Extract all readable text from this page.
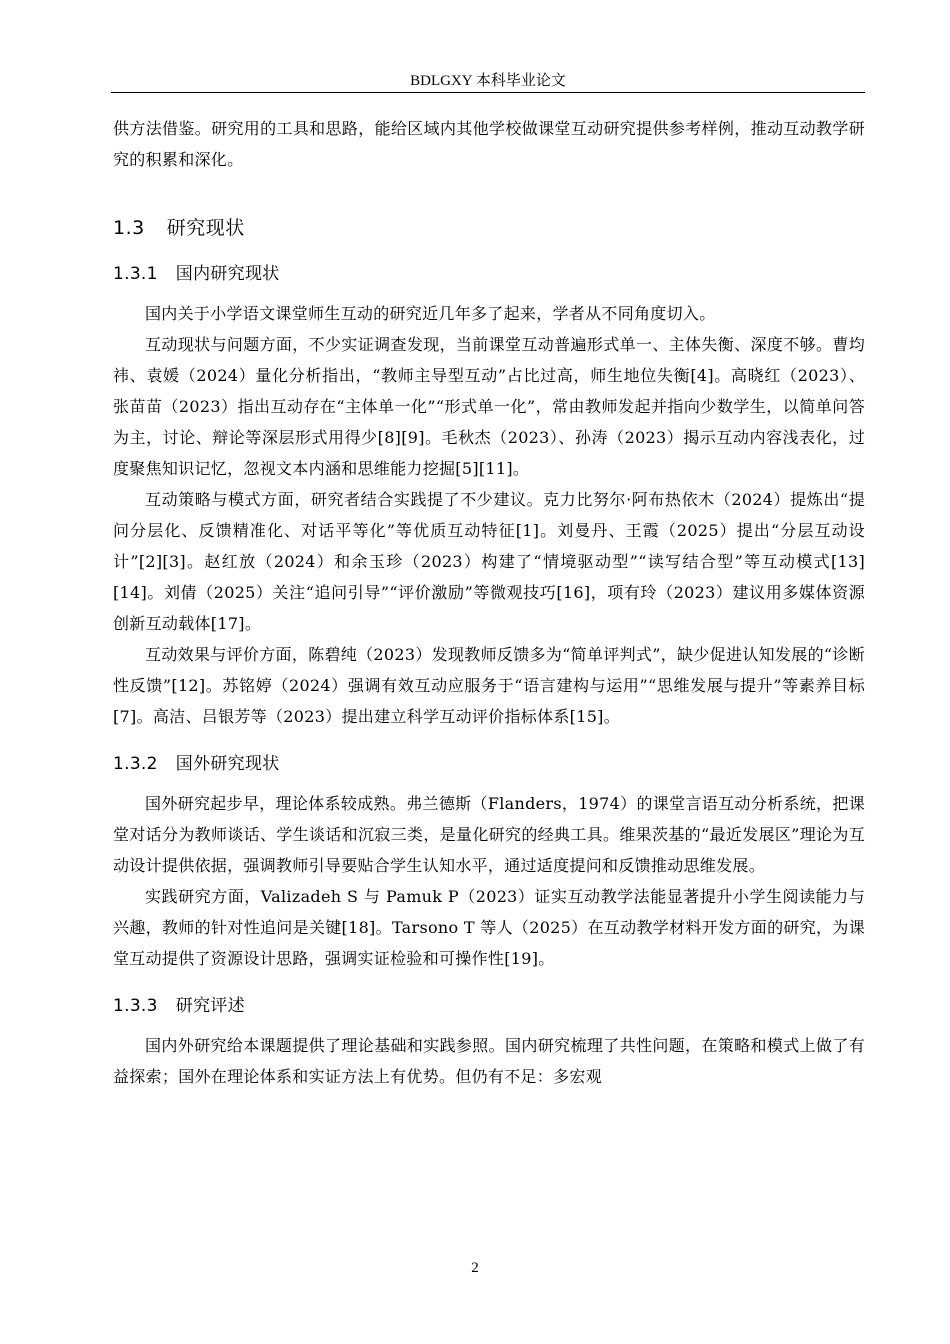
BDLGXY 本科毕业论文

供方法借鉴。研究用的工具和思路，能给区域内其他学校做课堂互动研究提供参考样例，推动互动教学研究的积累和深化。

1.3 研究现状
1.3.1 国内研究现状

国内关于小学语文课堂师生互动的研究近几年多了起来，学者从不同角度切入。

互动现状与问题方面，不少实证调查发现，当前课堂互动普遍形式单一、主体失衡、深度不够。曹均祎、袁媛（2024）量化分析指出，“教师主导型互动”占比过高，师生地位失衡[4]。高晓红（2023）、张苗苗（2023）指出互动存在“主体单一化”“形式单一化”，常由教师发起并指向少数学生，以简单问答为主，讨论、辩论等深层形式用得少[8][9]。毛秋杰（2023）、孙涛（2023）揭示互动内容浅表化，过度聚焦知识记忆，忽视文本内涵和思维能力挖掘[5][11]。

互动策略与模式方面，研究者结合实践提了不少建议。克力比努尔·阿布热依木（2024）提炼出“提问分层化、反馈精准化、对话平等化”等优质互动特征[1]。刘曼丹、王霞（2025）提出“分层互动设计”[2][3]。赵红放（2024）和余玉珍（2023）构建了“情境驱动型”“读写结合型”等互动模式[13][14]。刘倩（2025）关注“追问引导”“评价激励”等微观技巧[16]，项有玲（2023）建议用多媒体资源创新互动载体[17]。

互动效果与评价方面，陈碧纯（2023）发现教师反馈多为“简单评判式”，缺少促进认知发展的“诊断性反馈”[12]。苏铭婷（2024）强调有效互动应服务于“语言建构与运用”“思维发展与提升”等素养目标[7]。高洁、吕银芳等（2023）提出建立科学互动评价指标体系[15]。

1.3.2 国外研究现状

国外研究起步早，理论体系较成熟。弗兰德斯（Flanders，1974）的课堂言语互动分析系统，把课堂对话分为教师谈话、学生谈话和沉寂三类，是量化研究的经典工具。维果茨基的“最近发展区”理论为互动设计提供依据，强调教师引导要贴合学生认知水平，通过适度提问和反馈推动思维发展。

实践研究方面，Valizadeh S 与 Pamuk P（2023）证实互动教学法能显著提升小学生阅读能力与兴趣，教师的针对性追问是关键[18]。Tarsono T 等人（2025）在互动教学材料开发方面的研究，为课堂互动提供了资源设计思路，强调实证检验和可操作性[19]。

1.3.3 研究评述

国内外研究给本课题提供了理论基础和实践参照。国内研究梳理了共性问题，在策略和模式上做了有益探索；国外在理论体系和实证方法上有优势。但仍有不足：多宏观

2
